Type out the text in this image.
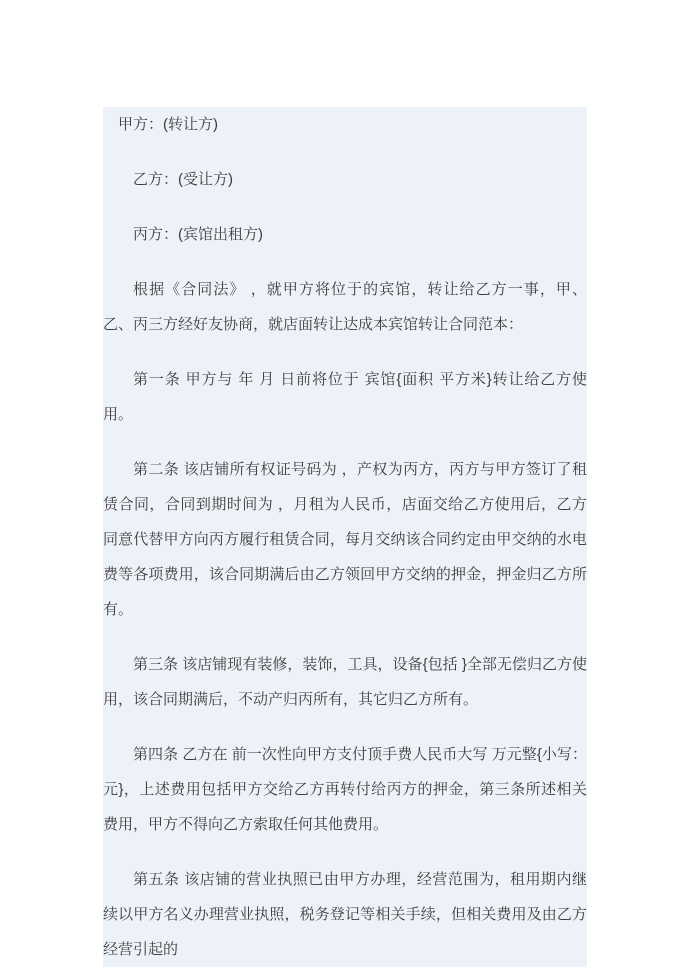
甲方：(转让方)

乙方：(受让方)

丙方：(宾馆出租方)

根据《合同法》 ，就甲方将位于的宾馆，转让给乙方一事，甲、乙、丙三方经好友协商，就店面转让达成本宾馆转让合同范本：

第一条 甲方与 年 月 日前将位于 宾馆{面积 平方米}转让给乙方使用。

第二条 该店铺所有权证号码为 ，产权为丙方，丙方与甲方签订了租赁合同，合同到期时间为 ，月租为人民币，店面交给乙方使用后，乙方同意代替甲方向丙方履行租赁合同，每月交纳该合同约定由甲交纳的水电费等各项费用，该合同期满后由乙方领回甲方交纳的押金，押金归乙方所有。

第三条 该店铺现有装修，装饰，工具，设备{包括 }全部无偿归乙方使用，该合同期满后，不动产归丙所有，其它归乙方所有。

第四条 乙方在 前一次性向甲方支付顶手费人民币大写 万元整{小写： 元}，上述费用包括甲方交给乙方再转付给丙方的押金，第三条所述相关费用，甲方不得向乙方索取任何其他费用。

第五条 该店铺的营业执照已由甲方办理，经营范围为，租用期内继续以甲方名义办理营业执照，税务登记等相关手续，但相关费用及由乙方经营引起的
